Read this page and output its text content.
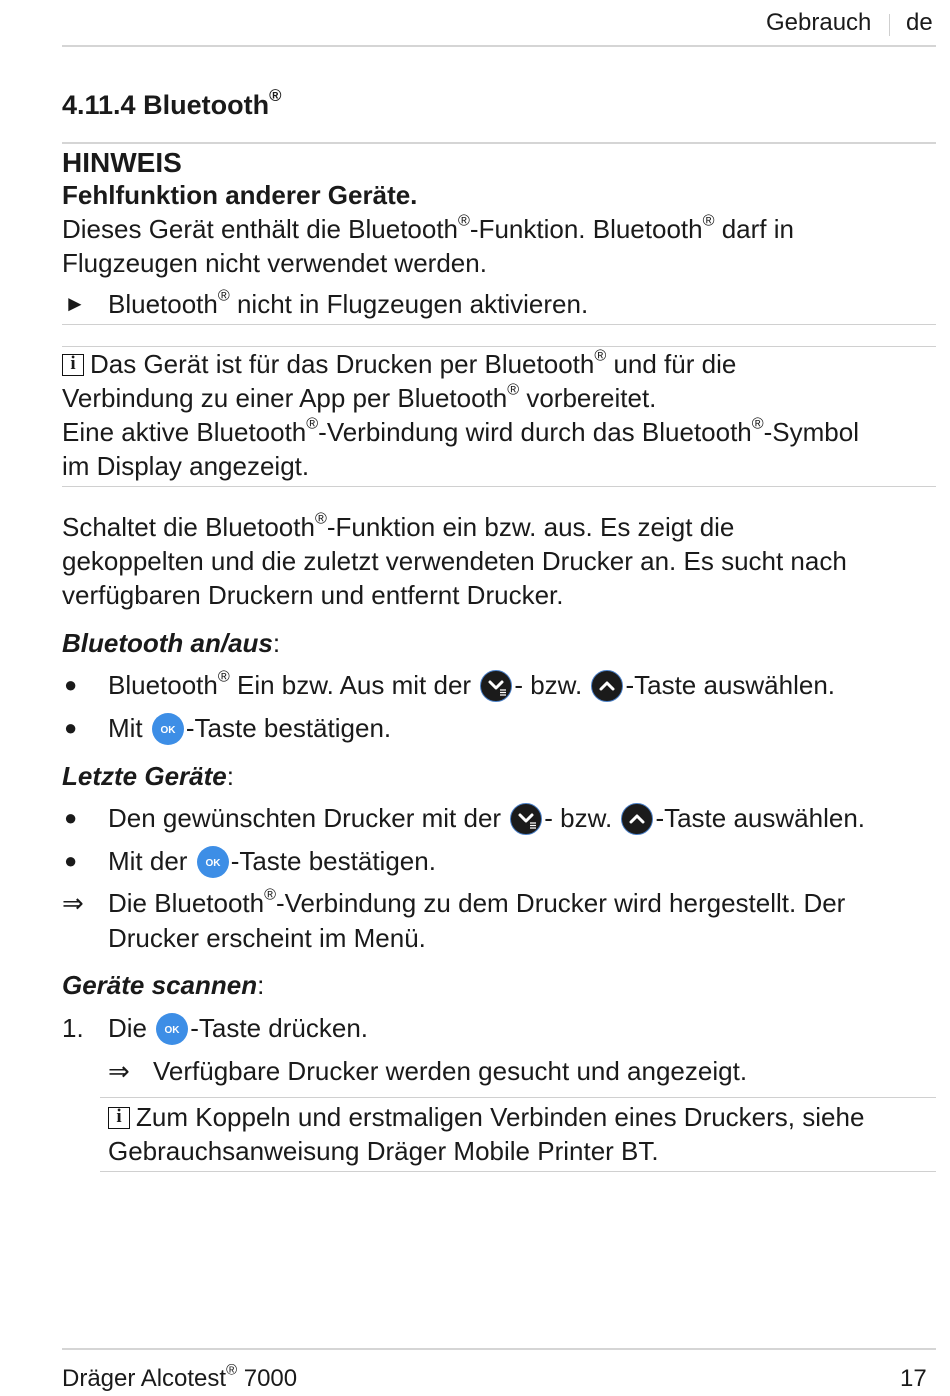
Gebrauch de
4.11.4 Bluetooth®
HINWEIS
Fehlfunktion anderer Geräte.
Dieses Gerät enthält die Bluetooth®-Funktion. Bluetooth® darf in
Flugzeugen nicht verwendet werden.
► Bluetooth® nicht in Flugzeugen aktivieren.
i Das Gerät ist für das Drucken per Bluetooth® und für die
Verbindung zu einer App per Bluetooth® vorbereitet.
Eine aktive Bluetooth®-Verbindung wird durch das Bluetooth®-Symbol
im Display angezeigt.
Schaltet die Bluetooth®-Funktion ein bzw. aus. Es zeigt die
gekoppelten und die zuletzt verwendeten Drucker an. Es sucht nach
verfügbaren Druckern und entfernt Drucker.
Bluetooth an/aus:
● Bluetooth® Ein bzw. Aus mit der
- bzw.
-Taste auswählen.
● Mit OK -Taste bestätigen.
Letzte Geräte:
● Den gewünschten Drucker mit der
- bzw.
-Taste auswählen.
● Mit der OK -Taste bestätigen.
⇒ Die Bluetooth®-Verbindung zu dem Drucker wird hergestellt. Der
Drucker erscheint im Menü.
Geräte scannen:
1. Die OK -Taste drücken.
⇒ Verfügbare Drucker werden gesucht und angezeigt.
i Zum Koppeln und erstmaligen Verbinden eines Druckers, siehe
Gebrauchsanweisung Dräger Mobile Printer BT.
Dräger Alcotest® 7000	17
